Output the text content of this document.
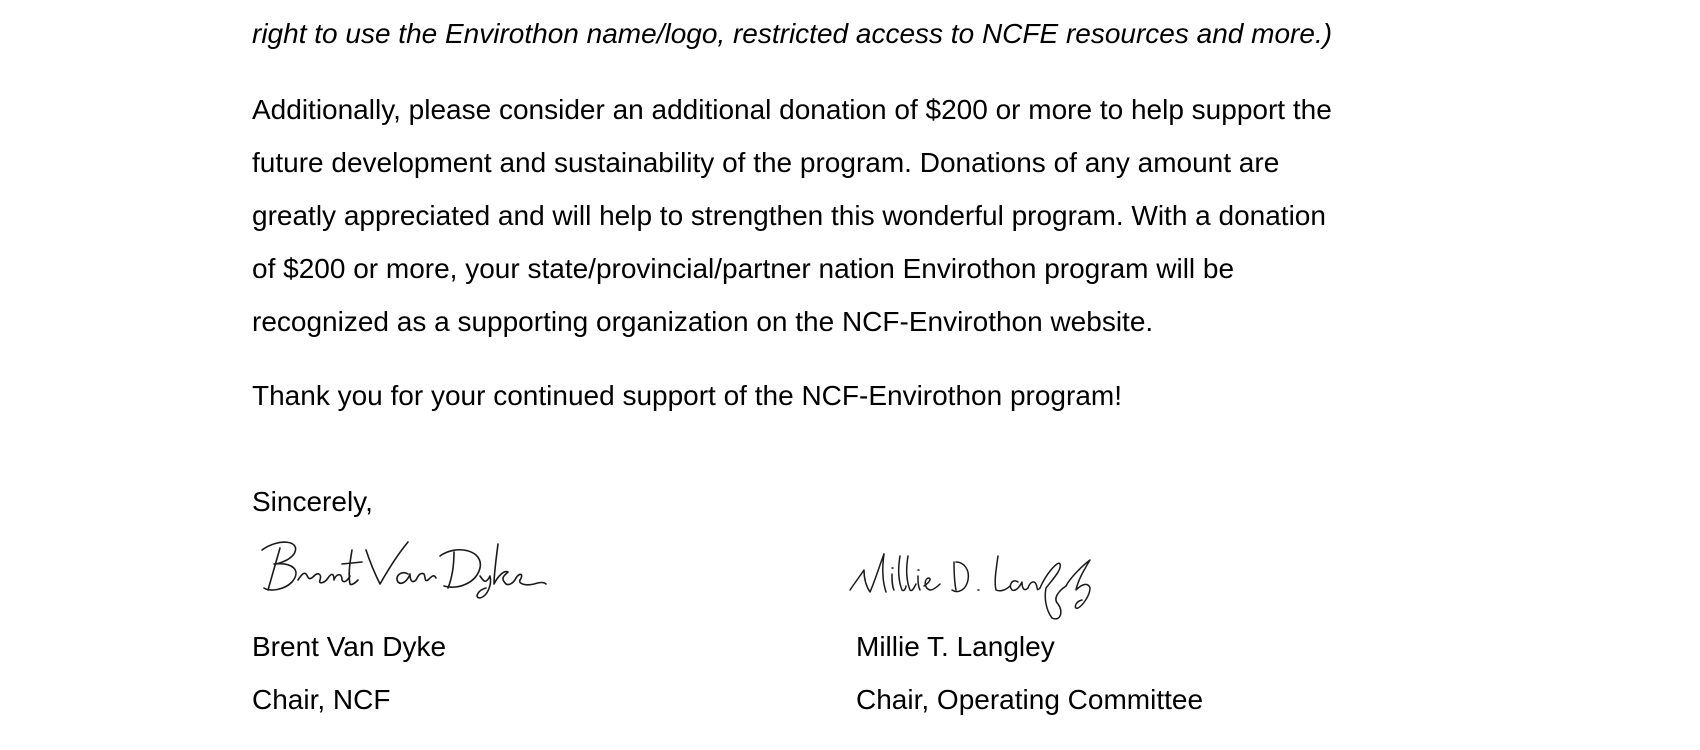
right to use the Envirothon name/logo, restricted access to NCFE resources and more.)
Additionally, please consider an additional donation of $200 or more to help support the
future development and sustainability of the program. Donations of any amount are
greatly appreciated and will help to strengthen this wonderful program. With a donation
of $200 or more, your state/provincial/partner nation Envirothon program will be
recognized as a supporting organization on the NCF-Envirothon website.
Thank you for your continued support of the NCF-Envirothon program!
Sincerely,
Brent Van Dyke
Chair, NCF
Millie T. Langley
Chair, Operating Committee
